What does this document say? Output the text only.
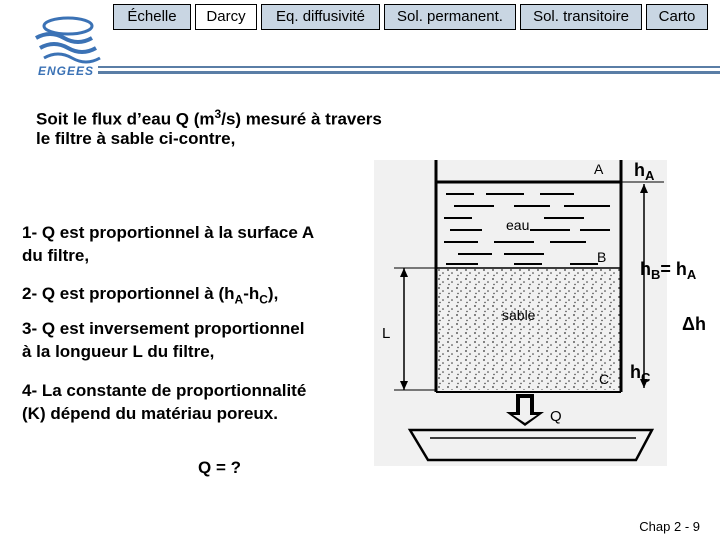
ENGEES
Échelle	Darcy	Eq. diffusivité	Sol. permanent.	Sol. transitoire	Carto
Soit le flux d’eau Q $(m^3/s)$ mesuré à travers
le filtre à sable ci-contre,
1- Q est proportionnel à la surface A
du filtre,
2- Q est proportionnel à $(h_A-h_C)$,
3- Q est inversement proportionnel
à la longueur L du filtre,
4- La constante de proportionnalité
(K) dépend du matériau poreux.
Q = ?
A
B
C
L
Q
eau
sable
$h_A$
$h_B= h_A$
Δh
$h_C$
Chap 2 - 9
